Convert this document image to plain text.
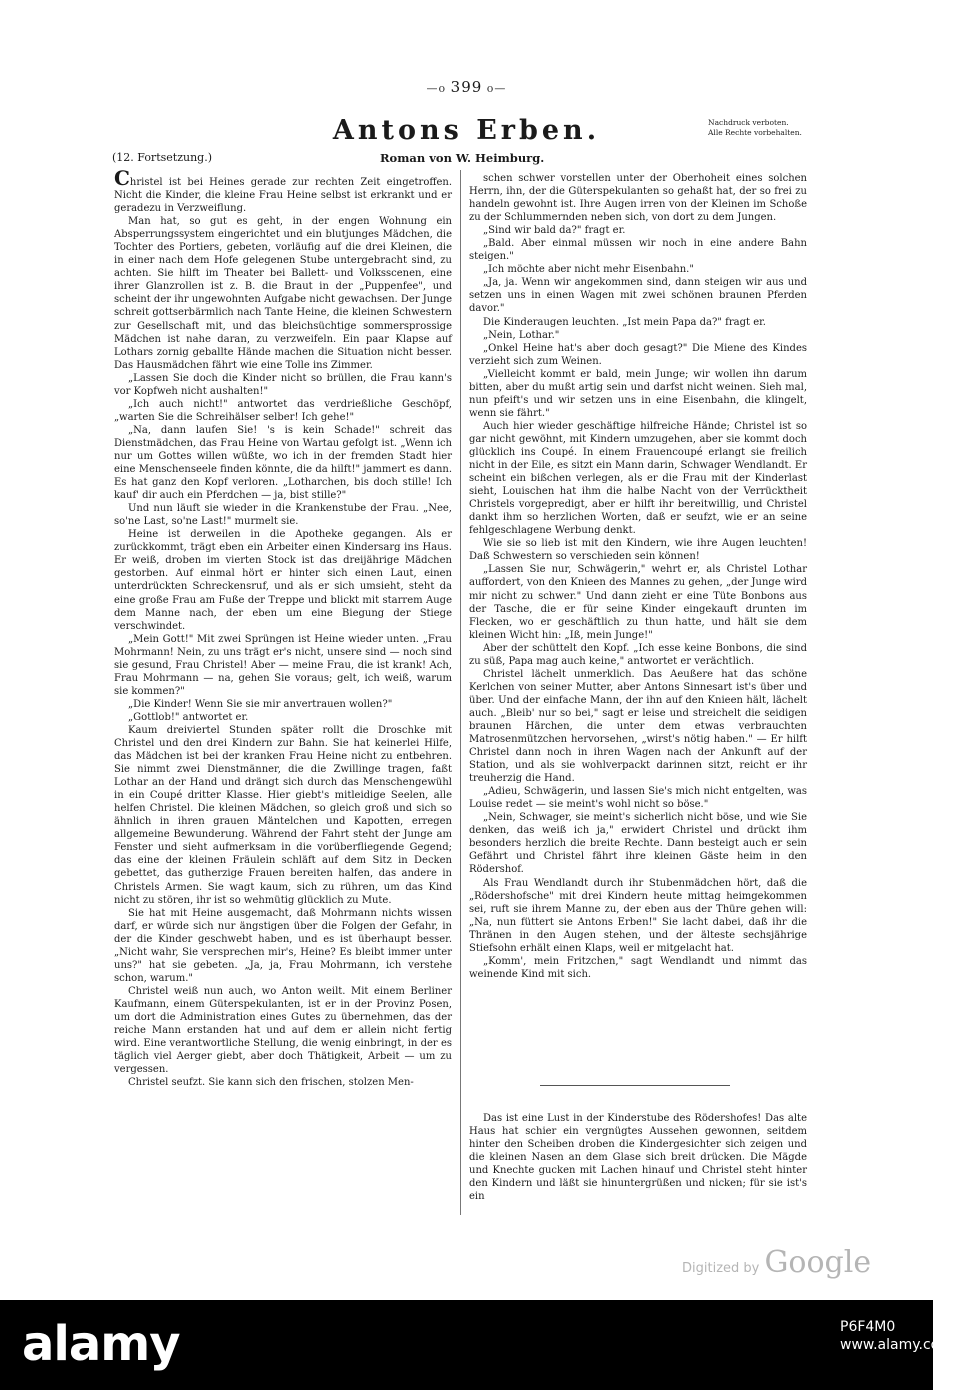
—o 399 o—
Antons Erben.	Nachdruck verboten.
Alle Rechte vorbehalten.
(12. Fortsetzung.)	Roman von W. Heimburg.

Christel ist bei Heines gerade zur rechten Zeit eingetroffen. Nicht die Kinder, die kleine Frau Heine selbst ist erkrankt und er geradezu in Verzweiflung.

Man hat, so gut es geht, in der engen Wohnung ein Absperrungssystem eingerichtet und ein blutjunges Mädchen, die Tochter des Portiers, gebeten, vorläufig auf die drei Kleinen, die in einer nach dem Hofe gelegenen Stube untergebracht sind, zu achten. Sie hilft im Theater bei Ballett- und Volksscenen, eine ihrer Glanzrollen ist z. B. die Braut in der „Puppenfee", und scheint der ihr ungewohnten Aufgabe nicht gewachsen. Der Junge schreit gottserbärmlich nach Tante Heine, die kleinen Schwestern zur Gesellschaft mit, und das bleichsüchtige sommersprossige Mädchen ist nahe daran, zu verzweifeln. Ein paar Klapse auf Lothars zornig geballte Hände machen die Situation nicht besser. Das Hausmädchen fährt wie eine Tolle ins Zimmer.

„Lassen Sie doch die Kinder nicht so brüllen, die Frau kann's vor Kopfweh nicht aushalten!"

„Ich auch nicht!" antwortet das verdrießliche Geschöpf, „warten Sie die Schreihälser selber! Ich gehe!"

„Na, dann laufen Sie! 's is kein Schade!" schreit das Dienstmädchen, das Frau Heine von Wartau gefolgt ist. „Wenn ich nur um Gottes willen wüßte, wo ich in der fremden Stadt hier eine Menschenseele finden könnte, die da hilft!" jammert es dann. Es hat ganz den Kopf verloren. „Lotharchen, bis doch stille! Ich kauf' dir auch ein Pferdchen — ja, bist stille?"

Und nun läuft sie wieder in die Krankenstube der Frau. „Nee, so'ne Last, so'ne Last!" murmelt sie.

Heine ist derweilen in die Apotheke gegangen. Als er zurückkommt, trägt eben ein Arbeiter einen Kindersarg ins Haus. Er weiß, droben im vierten Stock ist das dreijährige Mädchen gestorben. Auf einmal hört er hinter sich einen Laut, einen unterdrückten Schreckensruf, und als er sich umsieht, steht da eine große Frau am Fuße der Treppe und blickt mit starrem Auge dem Manne nach, der eben um eine Biegung der Stiege verschwindet.

„Mein Gott!" Mit zwei Sprüngen ist Heine wieder unten. „Frau Mohrmann! Nein, zu uns trägt er's nicht, unsere sind — noch sind sie gesund, Frau Christel! Aber — meine Frau, die ist krank! Ach, Frau Mohrmann — na, gehen Sie voraus; gelt, ich weiß, warum sie kommen?"

„Die Kinder! Wenn Sie sie mir anvertrauen wollen?"

„Gottlob!" antwortet er.

Kaum dreiviertel Stunden später rollt die Droschke mit Christel und den drei Kindern zur Bahn. Sie hat keinerlei Hilfe, das Mädchen ist bei der kranken Frau Heine nicht zu entbehren. Sie nimmt zwei Dienstmänner, die die Zwillinge tragen, faßt Lothar an der Hand und drängt sich durch das Menschengewühl in ein Coupé dritter Klasse. Hier giebt's mitleidige Seelen, alle helfen Christel. Die kleinen Mädchen, so gleich groß und sich so ähnlich in ihren grauen Mäntelchen und Kapotten, erregen allgemeine Bewunderung. Während der Fahrt steht der Junge am Fenster und sieht aufmerksam in die vorüberfliegende Gegend; das eine der kleinen Fräulein schläft auf dem Sitz in Decken gebettet, das gutherzige Frauen bereiten halfen, das andere in Christels Armen. Sie wagt kaum, sich zu rühren, um das Kind nicht zu stören, ihr ist so wehmütig glücklich zu Mute.

Sie hat mit Heine ausgemacht, daß Mohrmann nichts wissen darf, er würde sich nur ängstigen über die Folgen der Gefahr, in der die Kinder geschwebt haben, und es ist überhaupt besser. „Nicht wahr, Sie versprechen mir's, Heine? Es bleibt immer unter uns?" hat sie gebeten. „Ja, ja, Frau Mohrmann, ich verstehe schon, warum."

Christel weiß nun auch, wo Anton weilt. Mit einem Berliner Kaufmann, einem Güterspekulanten, ist er in der Provinz Posen, um dort die Administration eines Gutes zu übernehmen, das der reiche Mann erstanden hat und auf dem er allein nicht fertig wird. Eine verantwortliche Stellung, die wenig einbringt, in der es täglich viel Aerger giebt, aber doch Thätigkeit, Arbeit — um zu vergessen.

Christel seufzt. Sie kann sich den frischen, stolzen Men-

schen schwer vorstellen unter der Oberhoheit eines solchen Herrn, ihn, der die Güterspekulanten so gehaßt hat, der so frei zu handeln gewohnt ist. Ihre Augen irren von der Kleinen im Schoße zu der Schlummernden neben sich, von dort zu dem Jungen.

„Sind wir bald da?" fragt er.

„Bald. Aber einmal müssen wir noch in eine andere Bahn steigen."

„Ich möchte aber nicht mehr Eisenbahn."

„Ja, ja. Wenn wir angekommen sind, dann steigen wir aus und setzen uns in einen Wagen mit zwei schönen braunen Pferden davor."

Die Kinderaugen leuchten. „Ist mein Papa da?" fragt er.

„Nein, Lothar."

„Onkel Heine hat's aber doch gesagt?" Die Miene des Kindes verzieht sich zum Weinen.

„Vielleicht kommt er bald, mein Junge; wir wollen ihn darum bitten, aber du mußt artig sein und darfst nicht weinen. Sieh mal, nun pfeift's und wir setzen uns in eine Eisenbahn, die klingelt, wenn sie fährt."

Auch hier wieder geschäftige hilfreiche Hände; Christel ist so gar nicht gewöhnt, mit Kindern umzugehen, aber sie kommt doch glücklich ins Coupé. In einem Frauencoupé erlangt sie freilich nicht in der Eile, es sitzt ein Mann darin, Schwager Wendlandt. Er scheint ein bißchen verlegen, als er die Frau mit der Kinderlast sieht, Louischen hat ihm die halbe Nacht von der Verrücktheit Christels vorgepredigt, aber er hilft ihr bereitwillig, und Christel dankt ihm so herzlichen Worten, daß er seufzt, wie er an seine fehlgeschlagene Werbung denkt.

Wie sie so lieb ist mit den Kindern, wie ihre Augen leuchten! Daß Schwestern so verschieden sein können!

„Lassen Sie nur, Schwägerin," wehrt er, als Christel Lothar auffordert, von den Knieen des Mannes zu gehen, „der Junge wird mir nicht zu schwer." Und dann zieht er eine Tüte Bonbons aus der Tasche, die er für seine Kinder eingekauft drunten im Flecken, wo er geschäftlich zu thun hatte, und hält sie dem kleinen Wicht hin: „Iß, mein Junge!"

Aber der schüttelt den Kopf. „Ich esse keine Bonbons, die sind zu süß, Papa mag auch keine," antwortet er verächtlich.

Christel lächelt unmerklich. Das Aeußere hat das schöne Kerlchen von seiner Mutter, aber Antons Sinnesart ist's über und über. Und der einfache Mann, der ihn auf den Knieen hält, lächelt auch. „Bleib' nur so bei," sagt er leise und streichelt die seidigen braunen Härchen, die unter dem etwas verbrauchten Matrosenmützchen hervorsehen, „wirst's nötig haben." — Er hilft Christel dann noch in ihren Wagen nach der Ankunft auf der Station, und als sie wohlverpackt darinnen sitzt, reicht er ihr treuherzig die Hand.

„Adieu, Schwägerin, und lassen Sie's mich nicht entgelten, was Louise redet — sie meint's wohl nicht so böse."

„Nein, Schwager, sie meint's sicherlich nicht böse, und wie Sie denken, das weiß ich ja," erwidert Christel und drückt ihm besonders herzlich die breite Rechte. Dann besteigt auch er sein Gefährt und Christel fährt ihre kleinen Gäste heim in den Rödershof.

Als Frau Wendlandt durch ihr Stubenmädchen hört, daß die „Rödershofsche" mit drei Kindern heute mittag heimgekommen sei, ruft sie ihrem Manne zu, der eben aus der Thüre gehen will: „Na, nun füttert sie Antons Erben!" Sie lacht dabei, daß ihr die Thränen in den Augen stehen, und der älteste sechsjährige Stiefsohn erhält einen Klaps, weil er mitgelacht hat.

„Komm', mein Fritzchen," sagt Wendlandt und nimmt das weinende Kind mit sich.

Das ist eine Lust in der Kinderstube des Rödershofes! Das alte Haus hat schier ein vergnügtes Aussehen gewonnen, seitdem hinter den Scheiben droben die Kindergesichter sich zeigen und die kleinen Nasen an dem Glase sich breit drücken. Die Mägde und Knechte gucken mit Lachen hinauf und Christel steht hinter den Kindern und läßt sie hinuntergrüßen und nicken; für sie ist's ein

Digitized by Google
alamy	P6F4M0
www.alamy.com
